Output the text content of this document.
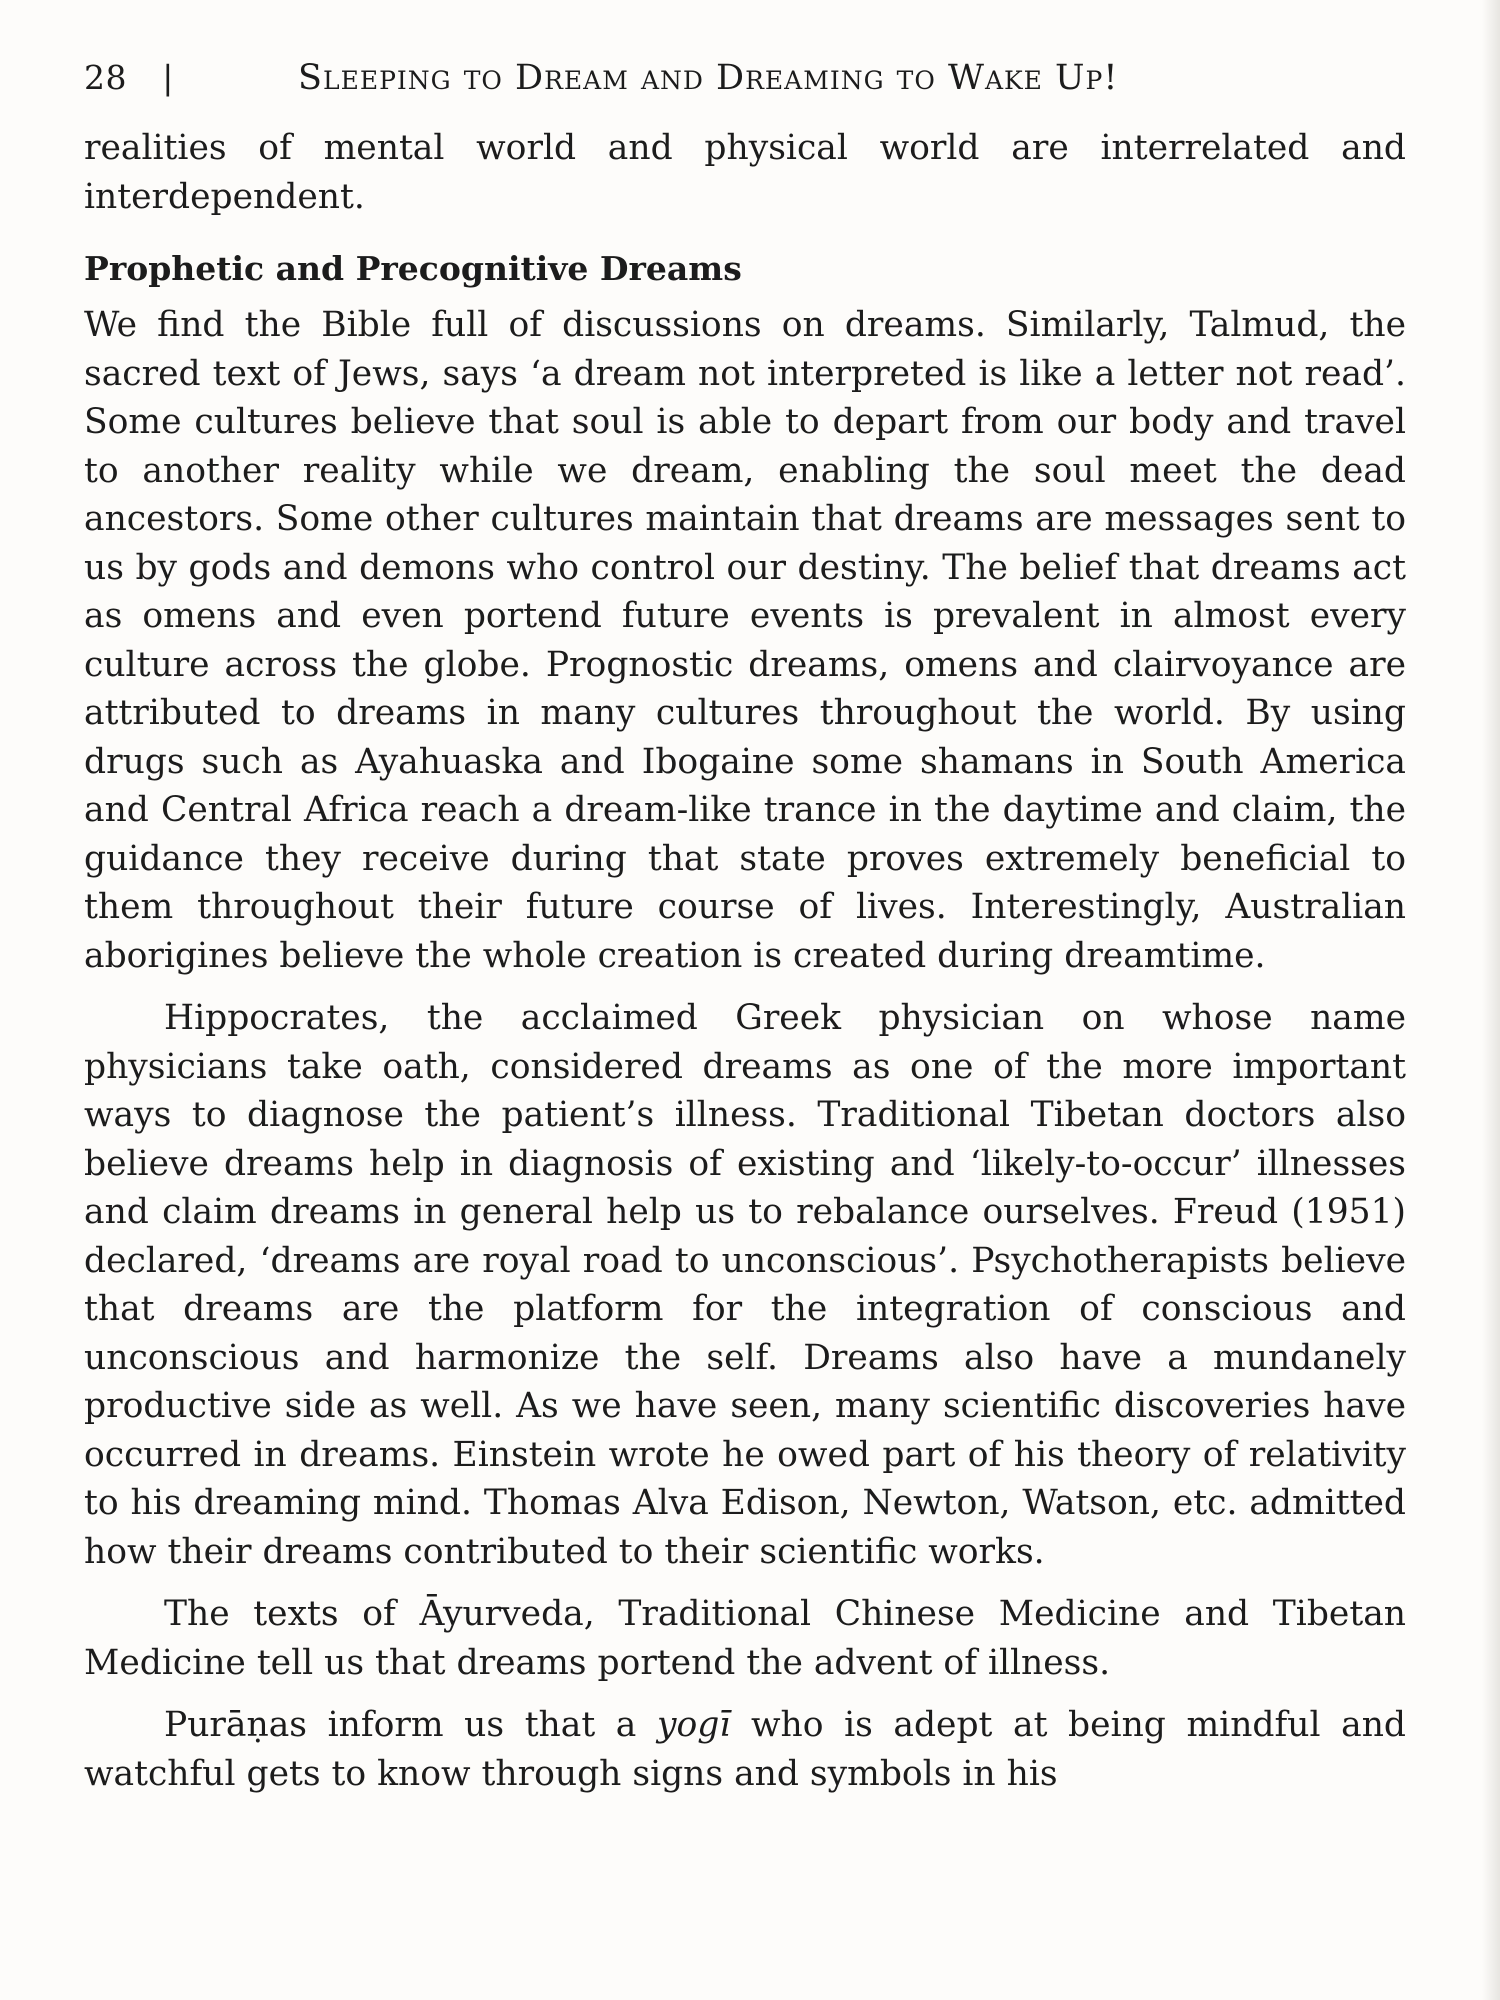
28	|	Sleeping to Dream and Dreaming to Wake Up!

realities of mental world and physical world are interrelated and interdependent.

Prophetic and Precognitive Dreams

We find the Bible full of discussions on dreams. Similarly, Talmud, the sacred text of Jews, says ‘a dream not interpreted is like a letter not read’. Some cultures believe that soul is able to depart from our body and travel to another reality while we dream, enabling the soul meet the dead ancestors. Some other cultures maintain that dreams are messages sent to us by gods and demons who control our destiny. The belief that dreams act as omens and even portend future events is prevalent in almost every culture across the globe. Prognostic dreams, omens and clairvoyance are attributed to dreams in many cultures throughout the world. By using drugs such as Ayahuaska and Ibogaine some shamans in South America and Central Africa reach a dream-like trance in the daytime and claim, the guidance they receive during that state proves extremely beneficial to them throughout their future course of lives. Interestingly, Australian aborigines believe the whole creation is created during dreamtime.

Hippocrates, the acclaimed Greek physician on whose name physicians take oath, considered dreams as one of the more important ways to diagnose the patient’s illness. Traditional Tibetan doctors also believe dreams help in diagnosis of existing and ‘likely-to-occur’ illnesses and claim dreams in general help us to rebalance ourselves. Freud (1951) declared, ‘dreams are royal road to unconscious’. Psychotherapists believe that dreams are the platform for the integration of conscious and unconscious and harmonize the self. Dreams also have a mundanely productive side as well. As we have seen, many scientific discoveries have occurred in dreams. Einstein wrote he owed part of his theory of relativity to his dreaming mind. Thomas Alva Edison, Newton, Watson, etc. admitted how their dreams contributed to their scientific works.

The texts of Āyurveda, Traditional Chinese Medicine and Tibetan Medicine tell us that dreams portend the advent of illness.

Purāṇas inform us that a yogī who is adept at being mindful and watchful gets to know through signs and symbols in his
